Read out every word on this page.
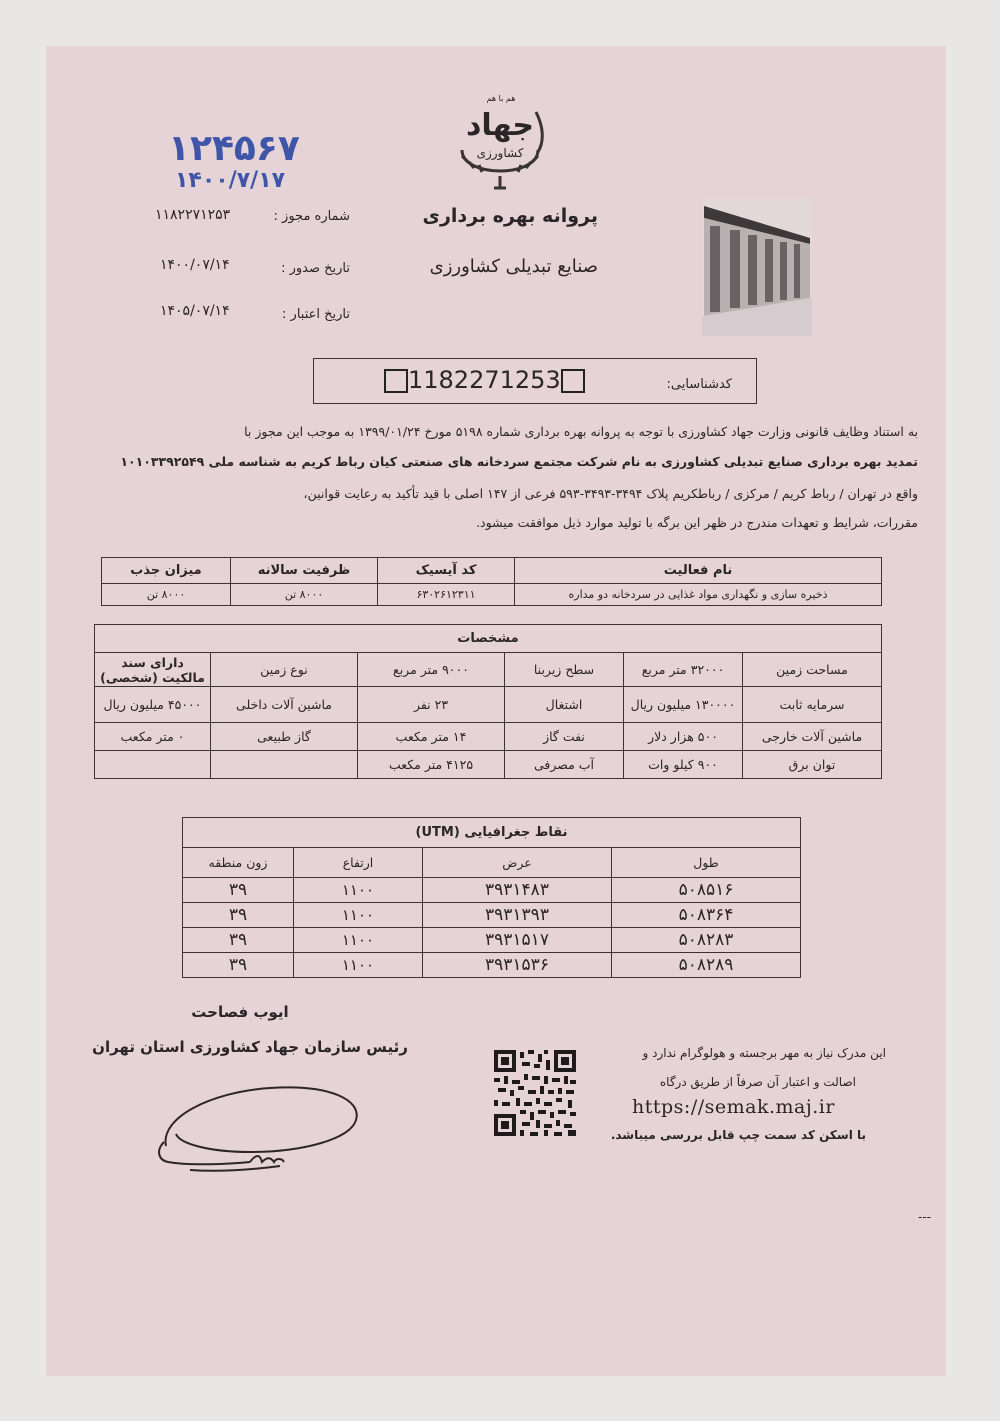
۱۲۴۵۶۷
۱۴۰۰/۷/۱۷
هم با هم
جهاد
کشاورزی
پروانه بهره برداری
صنایع تبدیلی کشاورزی
شماره مجوز :
۱۱۸۲۲۷۱۲۵۳
تاریخ صدور :
۱۴۰۰/۰۷/۱۴
تاریخ اعتبار :
۱۴۰۵/۰۷/۱۴
کدشناسایی:
1182271253
به استناد وظایف قانونی وزارت جهاد کشاورزی با توجه به پروانه بهره برداری شماره ۵۱۹۸ مورخ ۱۳۹۹/۰۱/۲۴ به موجب این مجوز با
تمدید بهره برداری صنایع تبدیلی کشاورزی به نام شرکت مجتمع سردخانه های صنعتی کیان رباط کریم به شناسه ملی ۱۰۱۰۳۳۹۲۵۴۹
واقع در تهران / رباط کریم / مرکزی / رباطکریم پلاک ۳۴۹۴-۳۴۹۳-۵۹۳ فرعی از ۱۴۷ اصلی با قید تأکید به رعایت قوانین،
مقررات، شرایط و تعهدات مندرج در ظهر این برگه با تولید موارد ذیل موافقت میشود.
نام فعالیت	کد آیسیک	ظرفیت سالانه	میزان جذب
ذخیره سازی و نگهداری مواد غذایی در سردخانه دو مداره	۶۳۰۲۶۱۲۳۱۱	۸۰۰۰ تن	۸۰۰۰ تن
مشخصات					
مساحت زمین	۳۲۰۰۰ متر مربع	سطح زیربنا	۹۰۰۰ متر مربع	نوع زمین	دارای سند مالکیت (شخصی)
سرمایه ثابت	۱۳۰۰۰۰ میلیون ریال	اشتغال	۲۳ نفر	ماشین آلات داخلی	۴۵۰۰۰ میلیون ریال
ماشین آلات خارجی	۵۰۰ هزار دلار	نفت گاز	۱۴ متر مکعب	گاز طبیعی	۰ متر مکعب
توان برق	۹۰۰ کیلو وات	آب مصرفی	۴۱۲۵ متر مکعب		
نقاط جغرافیایی (UTM)			
طول	عرض	ارتفاع	زون منطقه
۵۰۸۵۱۶	۳۹۳۱۴۸۳	۱۱۰۰	۳۹
۵۰۸۳۶۴	۳۹۳۱۳۹۳	۱۱۰۰	۳۹
۵۰۸۲۸۳	۳۹۳۱۵۱۷	۱۱۰۰	۳۹
۵۰۸۲۸۹	۳۹۳۱۵۳۶	۱۱۰۰	۳۹
ایوب فصاحت
رئیس سازمان جهاد کشاورزی استان تهران	این مدرک نیاز به مهر برجسته و هولوگرام ندارد و
اصالت و اعتبار آن صرفاً از طریق درگاه
https://semak.maj.ir
با اسکن کد سمت چپ قابل بررسی میباشد.
---
